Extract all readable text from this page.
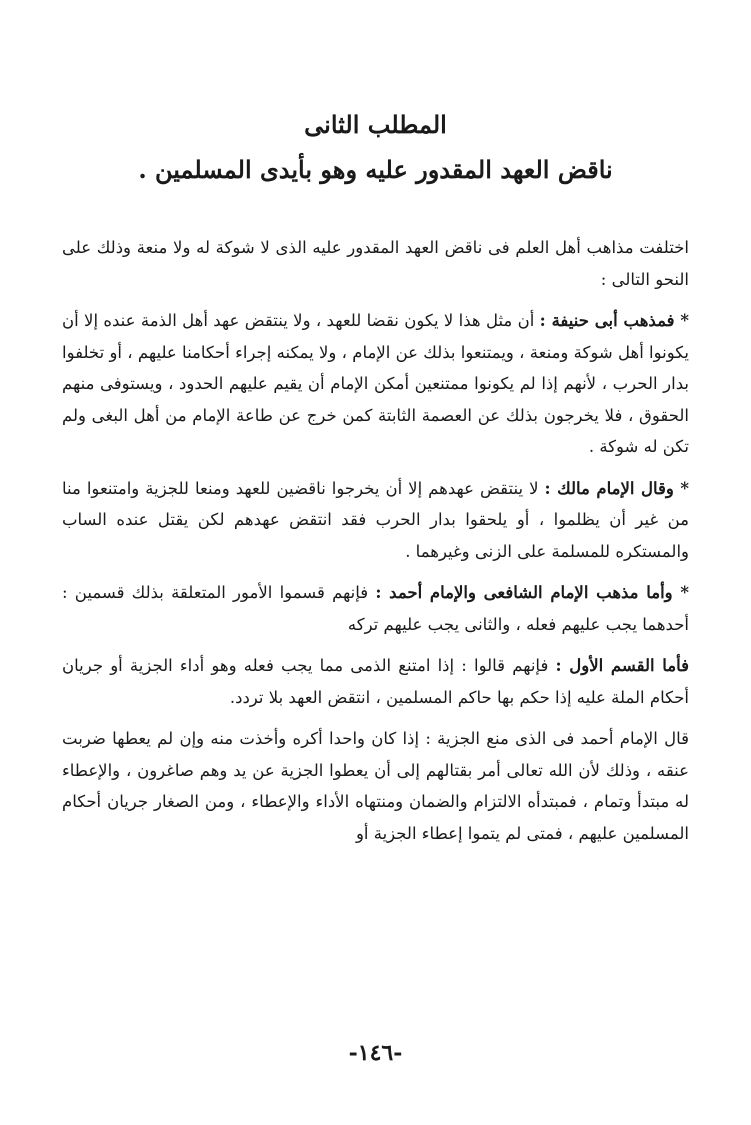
المطلب الثانى
ناقض العهد المقدور عليه وهو بأيدى المسلمين .

اختلفت مذاهب أهل العلم فى ناقض العهد المقدور عليه الذى لا شوكة له ولا منعة وذلك على النحو التالى :

* فمذهب أبى حنيفة : أن مثل هذا لا يكون نقضا للعهد ، ولا ينتقض عهد أهل الذمة عنده إلا أن يكونوا أهل شوكة ومنعة ، ويمتنعوا بذلك عن الإمام ، ولا يمكنه إجراء أحكامنا عليهم ، أو تخلفوا بدار الحرب ، لأنهم إذا لم يكونوا ممتنعين أمكن الإمام أن يقيم عليهم الحدود ، ويستوفى منهم الحقوق ، فلا يخرجون بذلك عن العصمة الثابتة كمن خرج عن طاعة الإمام من أهل البغى ولم تكن له شوكة .

* وقال الإمام مالك : لا ينتقض عهدهم إلا أن يخرجوا ناقضين للعهد ومنعا للجزية وامتنعوا منا من غير أن يظلموا ، أو يلحقوا بدار الحرب فقد انتقض عهدهم لكن يقتل عنده الساب والمستكره للمسلمة على الزنى وغيرهما .

* وأما مذهب الإمام الشافعى والإمام أحمد : فإنهم قسموا الأمور المتعلقة بذلك قسمين : أحدهما يجب عليهم فعله ، والثانى يجب عليهم تركه

فأما القسم الأول : فإنهم قالوا : إذا امتنع الذمى مما يجب فعله وهو أداء الجزية أو جريان أحكام الملة عليه إذا حكم بها حاكم المسلمين ، انتقض العهد بلا تردد.

قال الإمام أحمد فى الذى منع الجزية : إذا كان واحدا أكره وأخذت منه وإن لم يعطها ضربت عنقه ، وذلك لأن الله تعالى أمر بقتالهم إلى أن يعطوا الجزية عن يد وهم صاغرون ، والإعطاء له مبتدأ وتمام ، فمبتدأه الالتزام والضمان ومنتهاه الأداء والإعطاء ، ومن الصغار جريان أحكام المسلمين عليهم ، فمتى لم يتموا إعطاء الجزية أو

-١٤٦-
